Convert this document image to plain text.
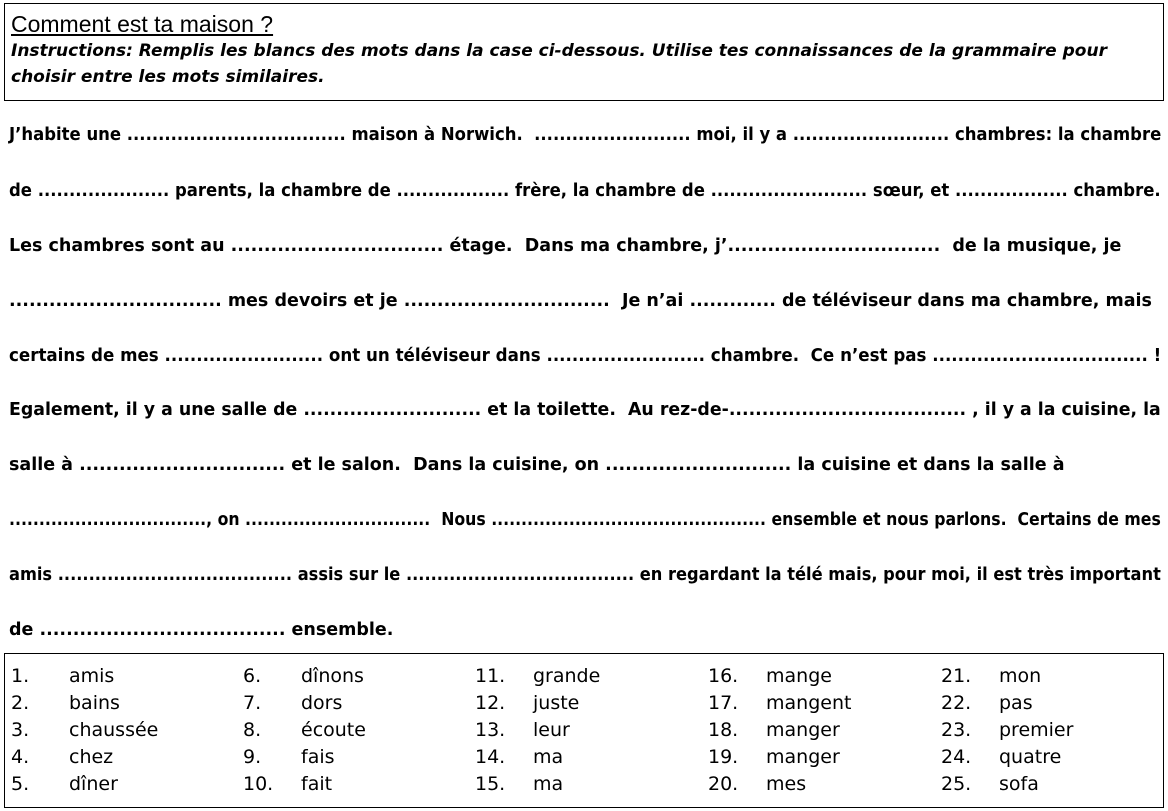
Comment est ta maison ?

Instructions: Remplis les blancs des mots dans la case ci-dessous. Utilise tes connaissances de la grammaire pour

choisir entre les mots similaires.

J’habite une ................................... maison à Norwich.  ......................... moi, il y a ......................... chambres: la chambre
de ..................... parents, la chambre de .................. frère, la chambre de ......................... sœur, et .................. chambre.
Les chambres sont au ................................ étage.  Dans ma chambre, j’................................  de la musique, je
................................ mes devoirs et je ...............................  Je n’ai ............. de téléviseur dans ma chambre, mais
certains de mes ......................... ont un téléviseur dans ......................... chambre.  Ce n’est pas .................................. !
Egalement, il y a une salle de ........................... et la toilette.  Au rez-de-.................................... , il y a la cuisine, la
salle à ............................... et le salon.  Dans la cuisine, on ............................ la cuisine et dans la salle à
................................., on ...............................  Nous .............................................. ensemble et nous parlons.  Certains de mes
amis ...................................... assis sur le ..................................... en regardant la télé mais, pour moi, il est très important
de ..................................... ensemble.
1. amis
2. bains
3. chaussée
4. chez
5. dîner
6. dînons
7. dors
8. écoute
9. fais
10. fait
11. grande
12. juste
13. leur
14. ma
15. ma
16. mange
17. mangent
18. manger
19. manger
20. mes
21. mon
22. pas
23. premier
24. quatre
25. sofa
